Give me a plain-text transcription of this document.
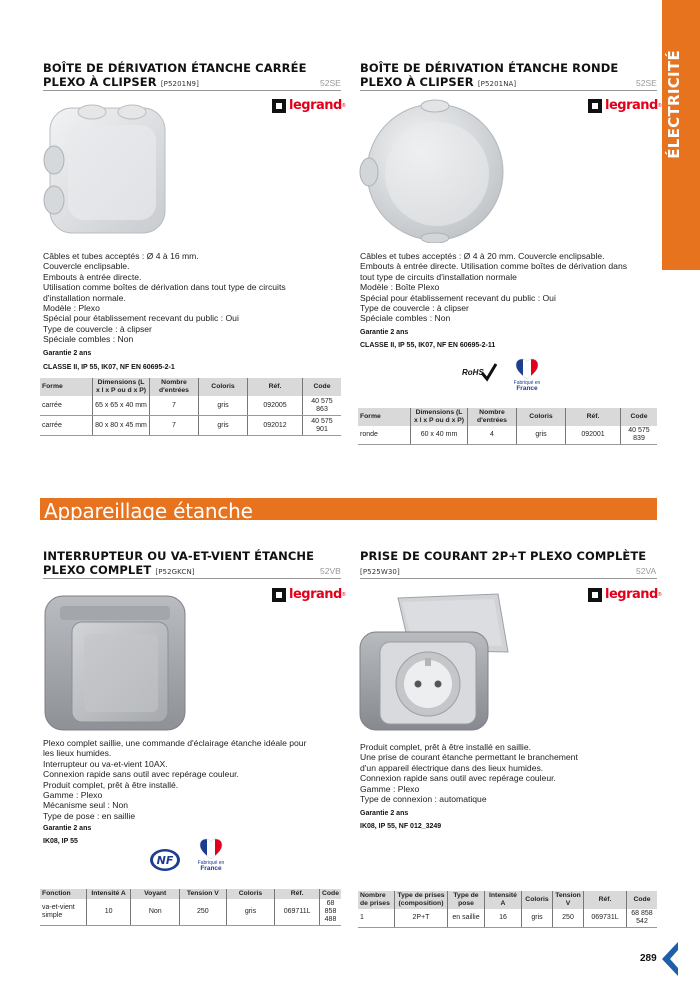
ÉLECTRICITÉ
BOÎTE DE DÉRIVATION ÉTANCHE CARRÉE
PLEXO À CLIPSER [P5201N9]	52SE
legrand ®
Câbles et tubes acceptés : Ø 4 à 16 mm.
Couvercle enclipsable.
Embouts à entrée directe.
Utilisation comme boîtes de dérivation dans tout type de circuits
d'installation normale.
Modèle : Plexo
Spécial pour établissement recevant du public : Oui
Type de couvercle : à clipser
Spéciale combles : Non
Garantie 2 ans
CLASSE II, IP 55, IK07, NF EN 60695-2-1
Forme	Dimensions (L x l x P ou d x P)	Nombre d'entrées	Coloris	Réf.	Code
carrée	65 x 65 x 40 mm	7	gris	092005	40 575 863
carrée	80 x 80 x 45 mm	7	gris	092012	40 575 901
BOÎTE DE DÉRIVATION ÉTANCHE RONDE
PLEXO À CLIPSER [P5201NA]	52SE
legrand ®
Câbles et tubes acceptés : Ø 4 à 20 mm. Couvercle enclipsable.
Embouts à entrée directe. Utilisation comme boîtes de dérivation dans
tout type de circuits d'installation normale
Modèle : Boîte Plexo
Spécial pour établissement recevant du public : Oui
Type de couvercle : à clipser
Spéciale combles : Non
Garantie 2 ans
CLASSE II, IP 55, IK07, NF EN 60695-2-11
RoHS
Fabriqué en
France
Forme	Dimensions (L x l x P ou d x P)	Nombre d'entrées	Coloris	Réf.	Code
ronde	60 x 40 mm	4	gris	092001	40 575 839
Appareillage étanche
INTERRUPTEUR OU VA-ET-VIENT ÉTANCHE
PLEXO COMPLET [P52GKCN]	52VB
legrand ®
Plexo complet saillie, une commande d'éclairage étanche idéale pour
les lieux humides.
Interrupteur ou va-et-vient 10AX.
Connexion rapide sans outil avec repérage couleur.
Produit complet, prêt à être installé.
Gamme : Plexo
Mécanisme seul : Non
Type de pose : en saillie
Garantie 2 ans
IK08, IP 55
NF	Fabriqué en
France
Fonction	Intensité A	Voyant	Tension V	Coloris	Réf.	Code
va-et-vient simple	10	Non	250	gris	069711L	68 858 488
PRISE DE COURANT 2P+T PLEXO COMPLÈTE
[P525W30]	52VA
legrand ®
Produit complet, prêt à être installé en saillie.
Une prise de courant étanche permettant le branchement
d'un appareil électrique dans des lieux humides.
Connexion rapide sans outil avec repérage couleur.
Gamme : Plexo
Type de connexion : automatique
Garantie 2 ans
IK08, IP 55, NF 012_3249
Nombre de prises	Type de prises (composition)	Type de pose	Intensité A	Coloris	Tension V	Réf.	Code
1	2P+T	en saillie	16	gris	250	069731L	68 858 542
289
